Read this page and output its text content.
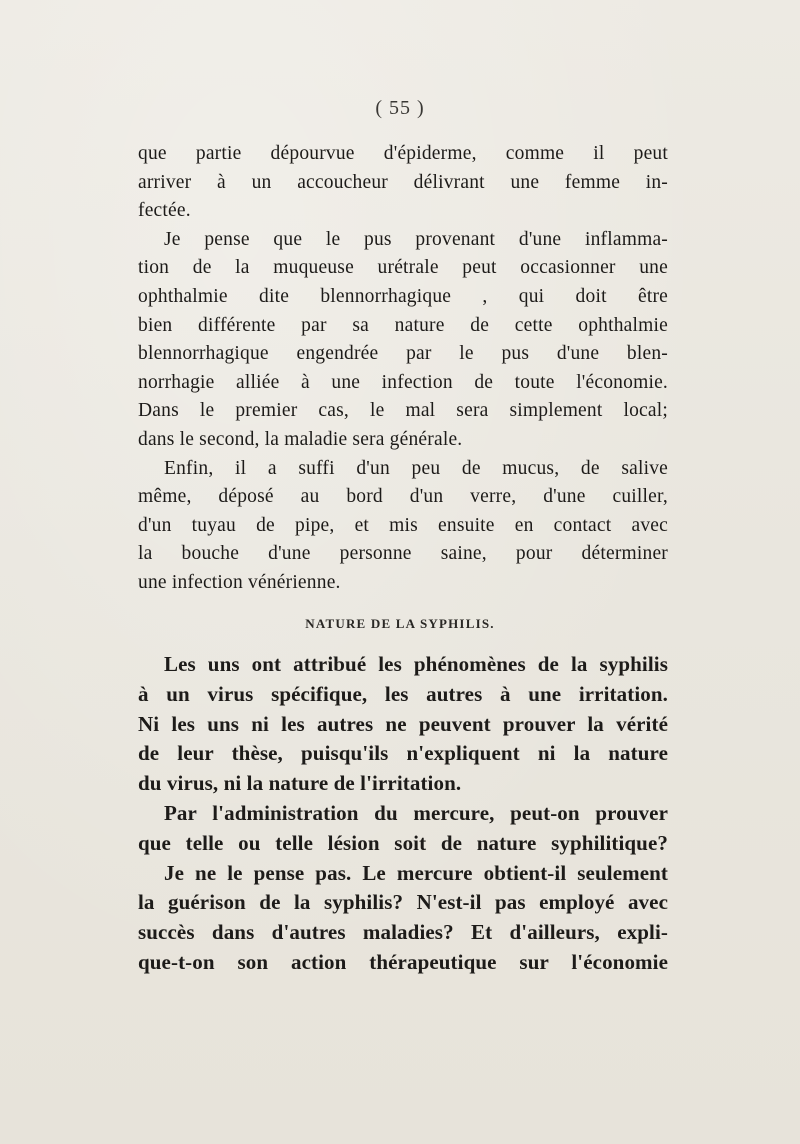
( 55 )
que partie dépourvue d'épiderme, comme il peut
arriver à un accoucheur délivrant une femme in-
fectée.
Je pense que le pus provenant d'une inflamma-
tion de la muqueuse urétrale peut occasionner une
ophthalmie dite blennorrhagique , qui doit être
bien différente par sa nature de cette ophthalmie
blennorrhagique engendrée par le pus d'une blen-
norrhagie alliée à une infection de toute l'économie.
Dans le premier cas, le mal sera simplement local;
dans le second, la maladie sera générale.
Enfin, il a suffi d'un peu de mucus, de salive
même, déposé au bord d'un verre, d'une cuiller,
d'un tuyau de pipe, et mis ensuite en contact avec
la bouche d'une personne saine, pour déterminer
une infection vénérienne.
NATURE DE LA SYPHILIS.
Les uns ont attribué les phénomènes de la syphilis
à un virus spécifique, les autres à une irritation.
Ni les uns ni les autres ne peuvent prouver la vérité
de leur thèse, puisqu'ils n'expliquent ni la nature
du virus, ni la nature de l'irritation.
Par l'administration du mercure, peut-on prouver
que telle ou telle lésion soit de nature syphilitique?
Je ne le pense pas. Le mercure obtient-il seulement
la guérison de la syphilis? N'est-il pas employé avec
succès dans d'autres maladies? Et d'ailleurs, expli-
que-t-on son action thérapeutique sur l'économie
